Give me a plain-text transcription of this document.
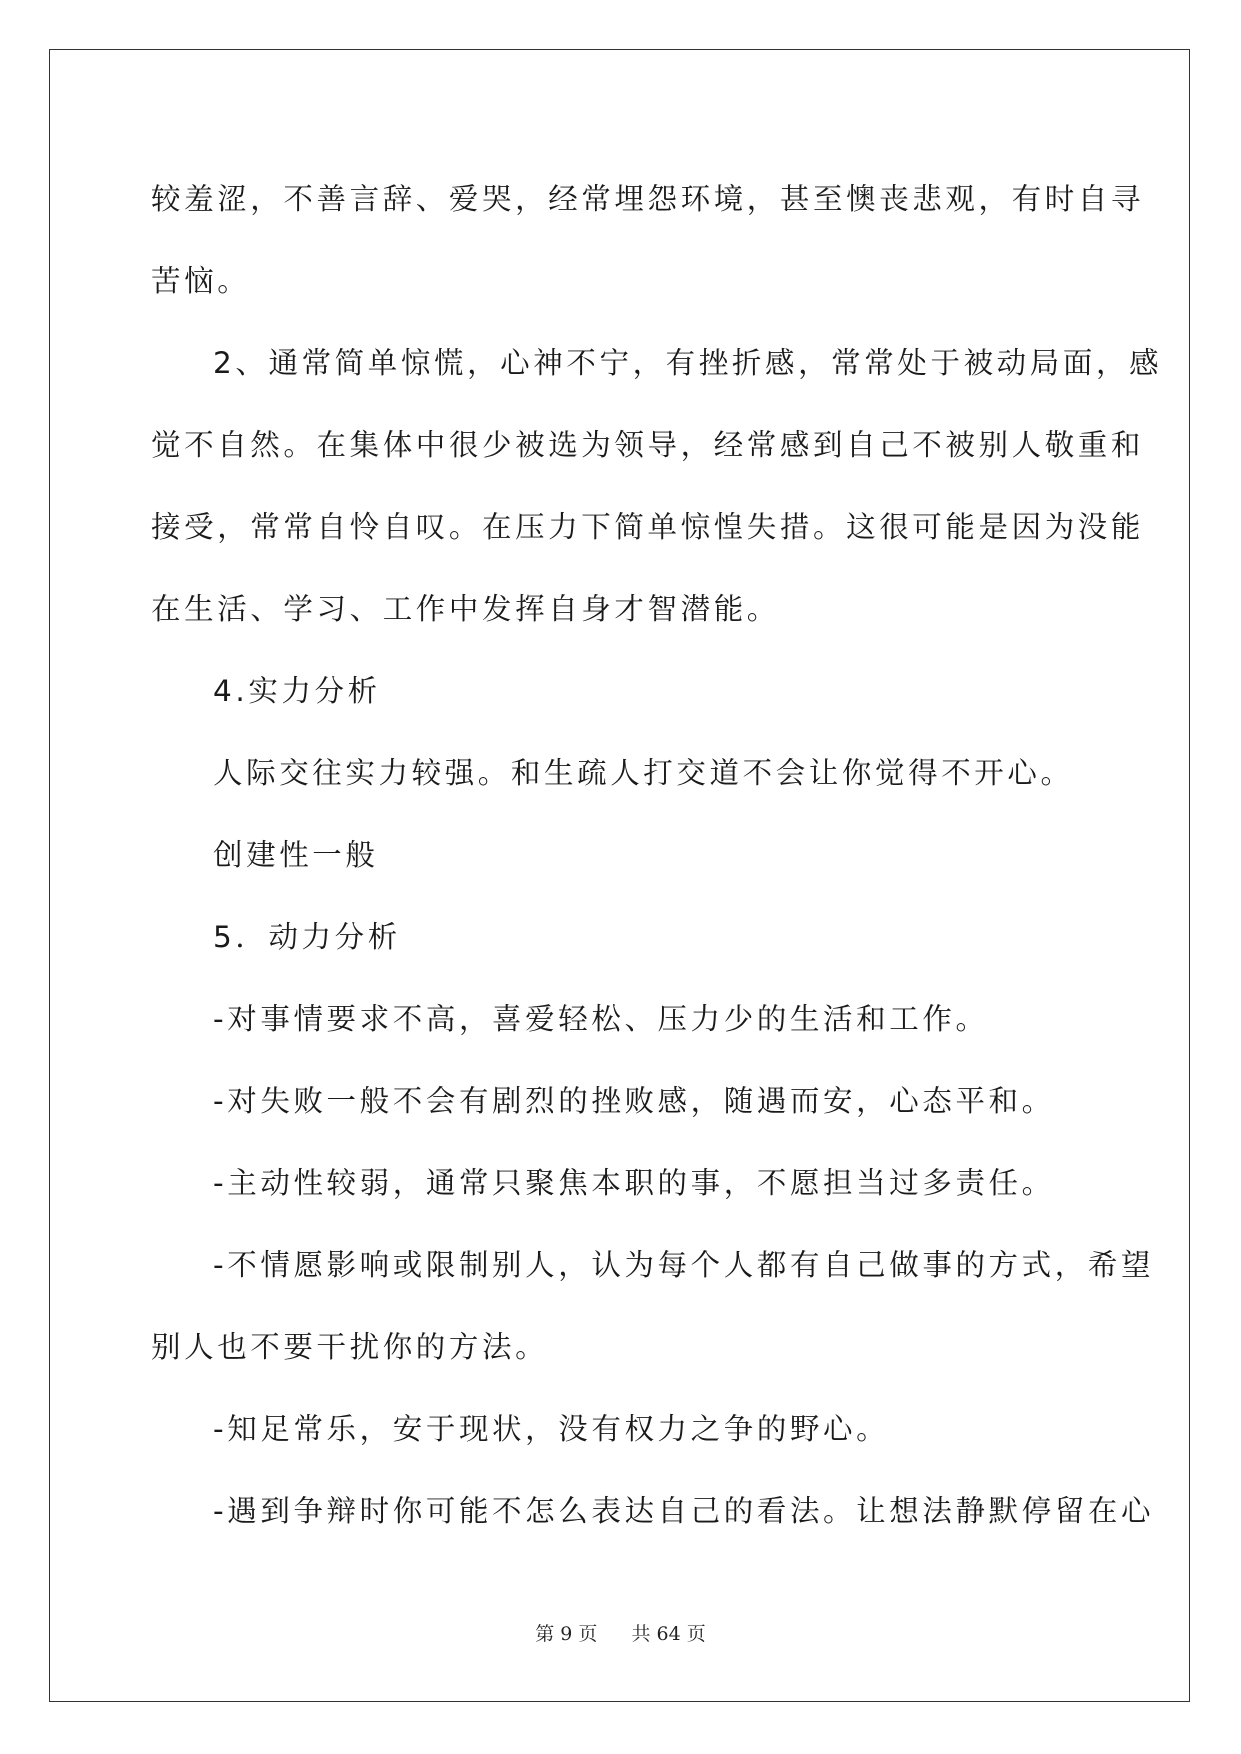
较羞涩，不善言辞、爱哭，经常埋怨环境，甚至懊丧悲观，有时自寻

苦恼。

2、通常简单惊慌，心神不宁，有挫折感，常常处于被动局面，感

觉不自然。在集体中很少被选为领导，经常感到自己不被别人敬重和

接受，常常自怜自叹。在压力下简单惊惶失措。这很可能是因为没能

在生活、学习、工作中发挥自身才智潜能。

4.实力分析

人际交往实力较强。和生疏人打交道不会让你觉得不开心。

创建性一般

5．动力分析

-对事情要求不高，喜爱轻松、压力少的生活和工作。

-对失败一般不会有剧烈的挫败感，随遇而安，心态平和。

-主动性较弱，通常只聚焦本职的事，不愿担当过多责任。

-不情愿影响或限制别人，认为每个人都有自己做事的方式，希望

别人也不要干扰你的方法。

-知足常乐，安于现状，没有权力之争的野心。

-遇到争辩时你可能不怎么表达自己的看法。让想法静默停留在心

第 9 页 共 64 页
